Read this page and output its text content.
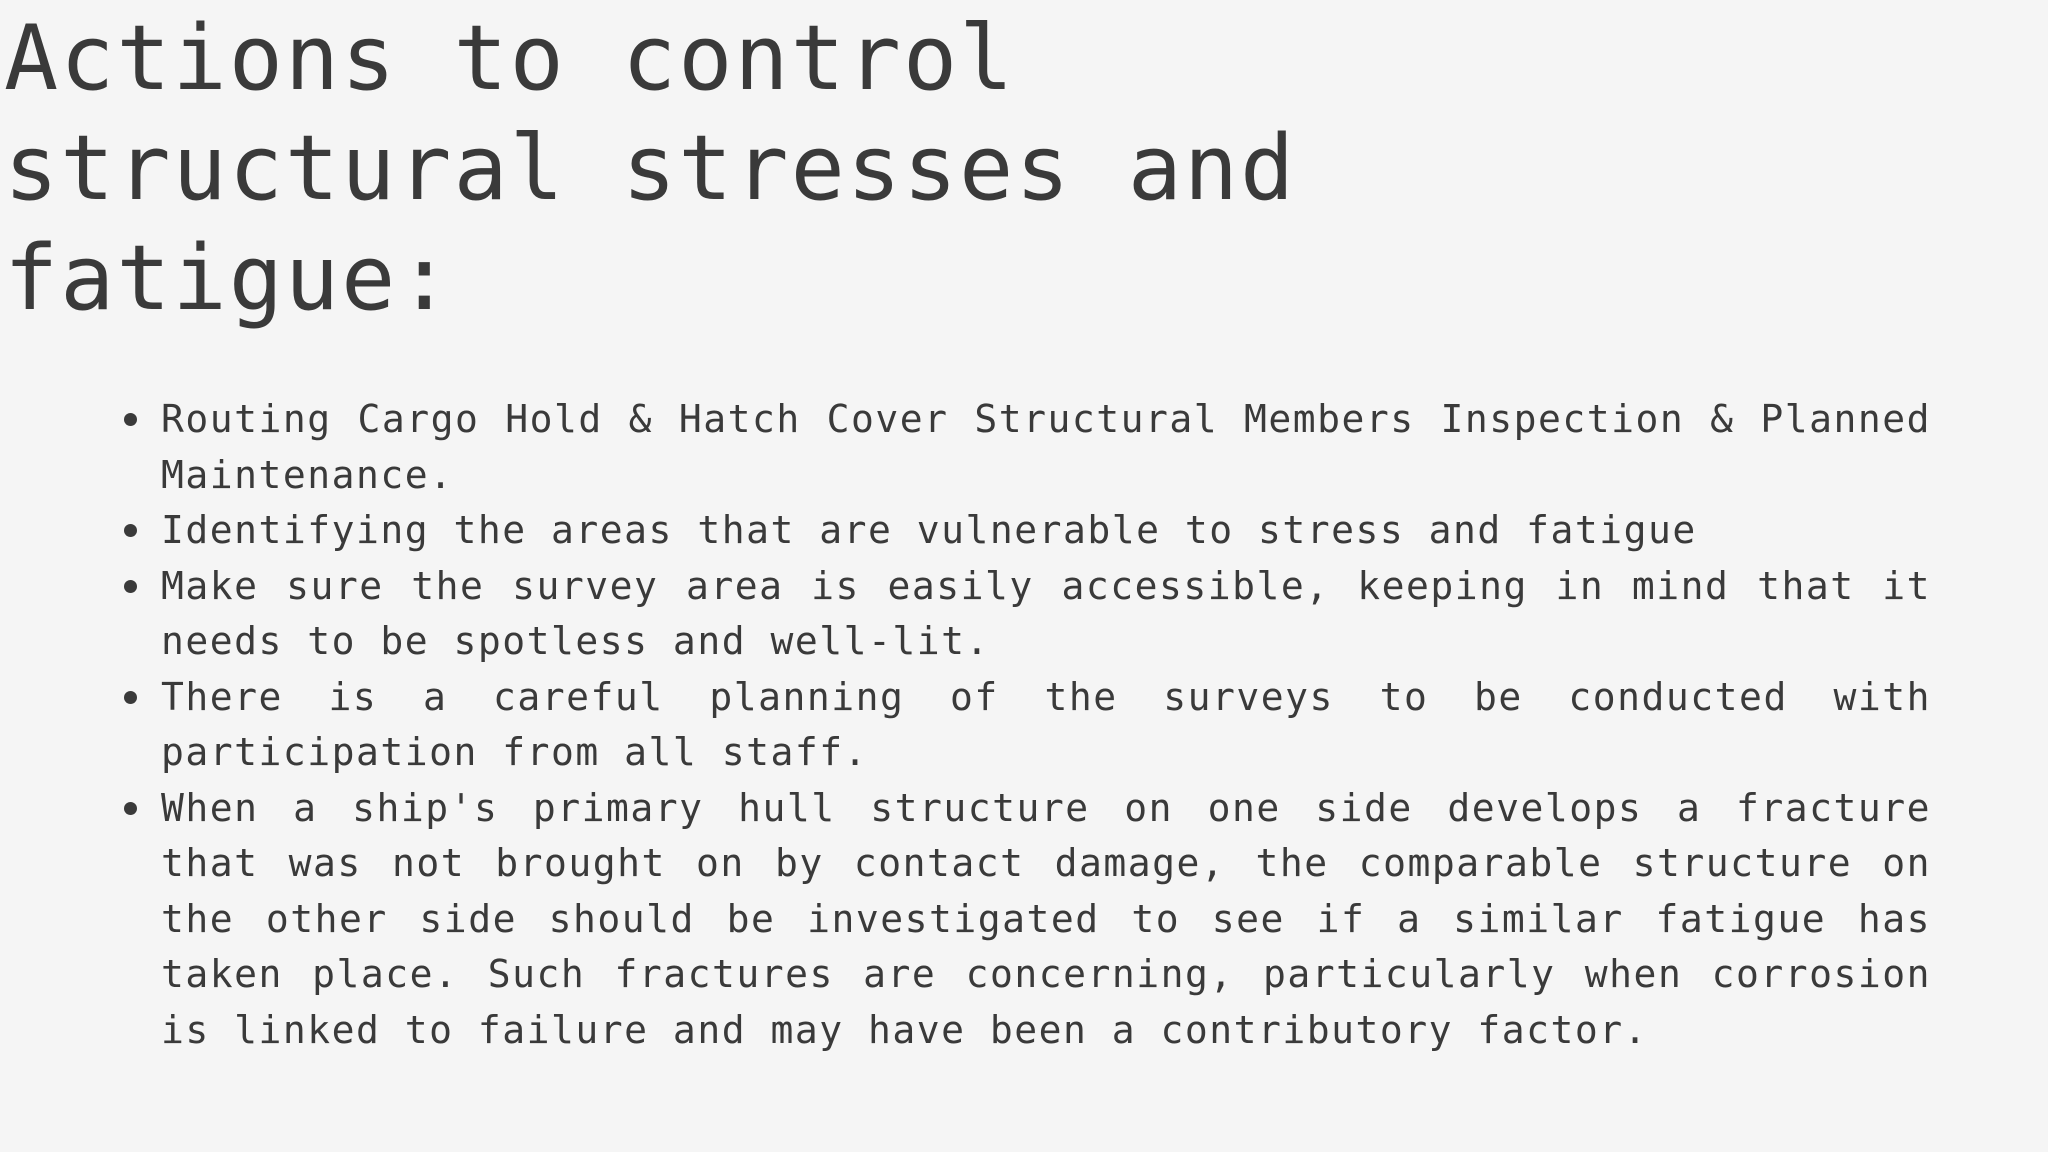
Actions to control structural stresses and fatigue:
Routing Cargo Hold & Hatch Cover Structural Members Inspection & Planned Maintenance.
Identifying the areas that are vulnerable to stress and fatigue
Make sure the survey area is easily accessible, keeping in mind that it needs to be spotless and well-lit.
There is a careful planning of the surveys to be conducted with participation from all staff.
When a ship's primary hull structure on one side develops a fracture that was not brought on by contact damage, the comparable structure on the other side should be investigated to see if a similar fatigue has taken place. Such fractures are concerning, particularly when corrosion is linked to failure and may have been a contributory factor.
